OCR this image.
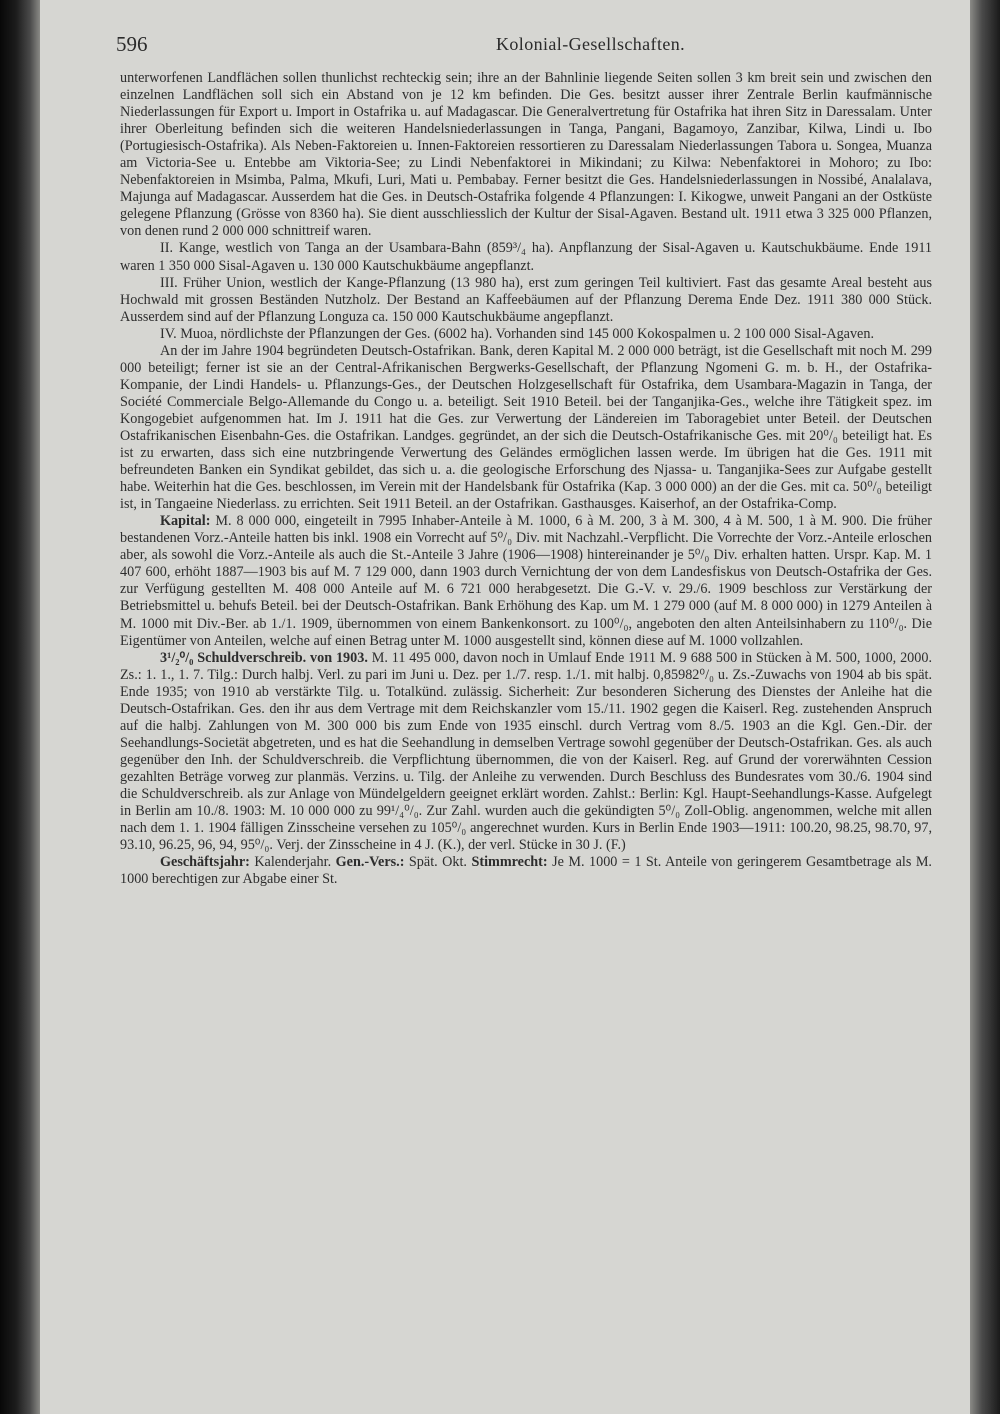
596	Kolonial-Gesellschaften.

unterworfenen Landflächen sollen thunlichst rechteckig sein; ihre an der Bahnlinie liegende Seiten sollen 3 km breit sein und zwischen den einzelnen Landflächen soll sich ein Abstand von je 12 km befinden. Die Ges. besitzt ausser ihrer Zentrale Berlin kaufmännische Niederlassungen für Export u. Import in Ostafrika u. auf Madagascar. Die Generalvertretung für Ostafrika hat ihren Sitz in Daressalam. Unter ihrer Oberleitung befinden sich die weiteren Handelsniederlassungen in Tanga, Pangani, Bagamoyo, Zanzibar, Kilwa, Lindi u. Ibo (Portugiesisch-Ostafrika). Als Neben-Faktoreien u. Innen-Faktoreien ressortieren zu Daressalam Niederlassungen Tabora u. Songea, Muanza am Victoria-See u. Entebbe am Viktoria-See; zu Lindi Nebenfaktorei in Mikindani; zu Kilwa: Nebenfaktorei in Mohoro; zu Ibo: Nebenfaktoreien in Msimba, Palma, Mkufi, Luri, Mati u. Pembabay. Ferner besitzt die Ges. Handelsniederlassungen in Nossibé, Analalava, Majunga auf Madagascar. Ausserdem hat die Ges. in Deutsch-Ostafrika folgende 4 Pflanzungen: I. Kikogwe, unweit Pangani an der Ostküste gelegene Pflanzung (Grösse von 8360 ha). Sie dient ausschliesslich der Kultur der Sisal-Agaven. Bestand ult. 1911 etwa 3 325 000 Pflanzen, von denen rund 2 000 000 schnittreif waren.

II. Kange, westlich von Tanga an der Usambara-Bahn (859³/₄ ha). Anpflanzung der Sisal-Agaven u. Kautschukbäume. Ende 1911 waren 1 350 000 Sisal-Agaven u. 130 000 Kautschukbäume angepflanzt.

III. Früher Union, westlich der Kange-Pflanzung (13 980 ha), erst zum geringen Teil kultiviert. Fast das gesamte Areal besteht aus Hochwald mit grossen Beständen Nutzholz. Der Bestand an Kaffeebäumen auf der Pflanzung Derema Ende Dez. 1911 380 000 Stück. Ausserdem sind auf der Pflanzung Longuza ca. 150 000 Kautschukbäume angepflanzt.

IV. Muoa, nördlichste der Pflanzungen der Ges. (6002 ha). Vorhanden sind 145 000 Kokospalmen u. 2 100 000 Sisal-Agaven.

An der im Jahre 1904 begründeten Deutsch-Ostafrikan. Bank, deren Kapital M. 2 000 000 beträgt, ist die Gesellschaft mit noch M. 299 000 beteiligt; ferner ist sie an der Central-Afrikanischen Bergwerks-Gesellschaft, der Pflanzung Ngomeni G. m. b. H., der Ostafrika-Kompanie, der Lindi Handels- u. Pflanzungs-Ges., der Deutschen Holzgesellschaft für Ostafrika, dem Usambara-Magazin in Tanga, der Société Commerciale Belgo-Allemande du Congo u. a. beteiligt. Seit 1910 Beteil. bei der Tanganjika-Ges., welche ihre Tätigkeit spez. im Kongogebiet aufgenommen hat. Im J. 1911 hat die Ges. zur Verwertung der Ländereien im Taboragebiet unter Beteil. der Deutschen Ostafrikanischen Eisenbahn-Ges. die Ostafrikan. Landges. gegründet, an der sich die Deutsch-Ostafrikanische Ges. mit 20⁰/₀ beteiligt hat. Es ist zu erwarten, dass sich eine nutzbringende Verwertung des Geländes ermöglichen lassen werde. Im übrigen hat die Ges. 1911 mit befreundeten Banken ein Syndikat gebildet, das sich u. a. die geologische Erforschung des Njassa- u. Tanganjika-Sees zur Aufgabe gestellt habe. Weiterhin hat die Ges. beschlossen, im Verein mit der Handelsbank für Ostafrika (Kap. 3 000 000) an der die Ges. mit ca. 50⁰/₀ beteiligt ist, in Tangaeine Niederlass. zu errichten. Seit 1911 Beteil. an der Ostafrikan. Gasthausges. Kaiserhof, an der Ostafrika-Comp.

Kapital: M. 8 000 000, eingeteilt in 7995 Inhaber-Anteile à M. 1000, 6 à M. 200, 3 à M. 300, 4 à M. 500, 1 à M. 900. Die früher bestandenen Vorz.-Anteile hatten bis inkl. 1908 ein Vorrecht auf 5⁰/₀ Div. mit Nachzahl.-Verpflicht. Die Vorrechte der Vorz.-Anteile erloschen aber, als sowohl die Vorz.-Anteile als auch die St.-Anteile 3 Jahre (1906—1908) hintereinander je 5⁰/₀ Div. erhalten hatten. Urspr. Kap. M. 1 407 600, erhöht 1887—1903 bis auf M. 7 129 000, dann 1903 durch Vernichtung der von dem Landesfiskus von Deutsch-Ostafrika der Ges. zur Verfügung gestellten M. 408 000 Anteile auf M. 6 721 000 herabgesetzt. Die G.-V. v. 29./6. 1909 beschloss zur Verstärkung der Betriebsmittel u. behufs Beteil. bei der Deutsch-Ostafrikan. Bank Erhöhung des Kap. um M. 1 279 000 (auf M. 8 000 000) in 1279 Anteilen à M. 1000 mit Div.-Ber. ab 1./1. 1909, übernommen von einem Bankenkonsort. zu 100⁰/₀, angeboten den alten Anteilsinhabern zu 110⁰/₀. Die Eigentümer von Anteilen, welche auf einen Betrag unter M. 1000 ausgestellt sind, können diese auf M. 1000 vollzahlen.

3¹/₂⁰/₀ Schuldverschreib. von 1903. M. 11 495 000, davon noch in Umlauf Ende 1911 M. 9 688 500 in Stücken à M. 500, 1000, 2000. Zs.: 1. 1., 1. 7. Tilg.: Durch halbj. Verl. zu pari im Juni u. Dez. per 1./7. resp. 1./1. mit halbj. 0,85982⁰/₀ u. Zs.-Zuwachs von 1904 ab bis spät. Ende 1935; von 1910 ab verstärkte Tilg. u. Totalkünd. zulässig. Sicherheit: Zur besonderen Sicherung des Dienstes der Anleihe hat die Deutsch-Ostafrikan. Ges. den ihr aus dem Vertrage mit dem Reichskanzler vom 15./11. 1902 gegen die Kaiserl. Reg. zustehenden Anspruch auf die halbj. Zahlungen von M. 300 000 bis zum Ende von 1935 einschl. durch Vertrag vom 8./5. 1903 an die Kgl. Gen.-Dir. der Seehandlungs-Societät abgetreten, und es hat die Seehandlung in demselben Vertrage sowohl gegenüber der Deutsch-Ostafrikan. Ges. als auch gegenüber den Inh. der Schuldverschreib. die Verpflichtung übernommen, die von der Kaiserl. Reg. auf Grund der vorerwähnten Cession gezahlten Beträge vorweg zur planmäs. Verzins. u. Tilg. der Anleihe zu verwenden. Durch Beschluss des Bundesrates vom 30./6. 1904 sind die Schuldverschreib. als zur Anlage von Mündelgeldern geeignet erklärt worden. Zahlst.: Berlin: Kgl. Haupt-Seehandlungs-Kasse. Aufgelegt in Berlin am 10./8. 1903: M. 10 000 000 zu 99¹/₄⁰/₀. Zur Zahl. wurden auch die gekündigten 5⁰/₀ Zoll-Oblig. angenommen, welche mit allen nach dem 1. 1. 1904 fälligen Zinsscheine versehen zu 105⁰/₀ angerechnet wurden. Kurs in Berlin Ende 1903—1911: 100.20, 98.25, 98.70, 97, 93.10, 96.25, 96, 94, 95⁰/₀. Verj. der Zinsscheine in 4 J. (K.), der verl. Stücke in 30 J. (F.)

Geschäftsjahr: Kalenderjahr. Gen.-Vers.: Spät. Okt. Stimmrecht: Je M. 1000 = 1 St. Anteile von geringerem Gesamtbetrage als M. 1000 berechtigen zur Abgabe einer St.
